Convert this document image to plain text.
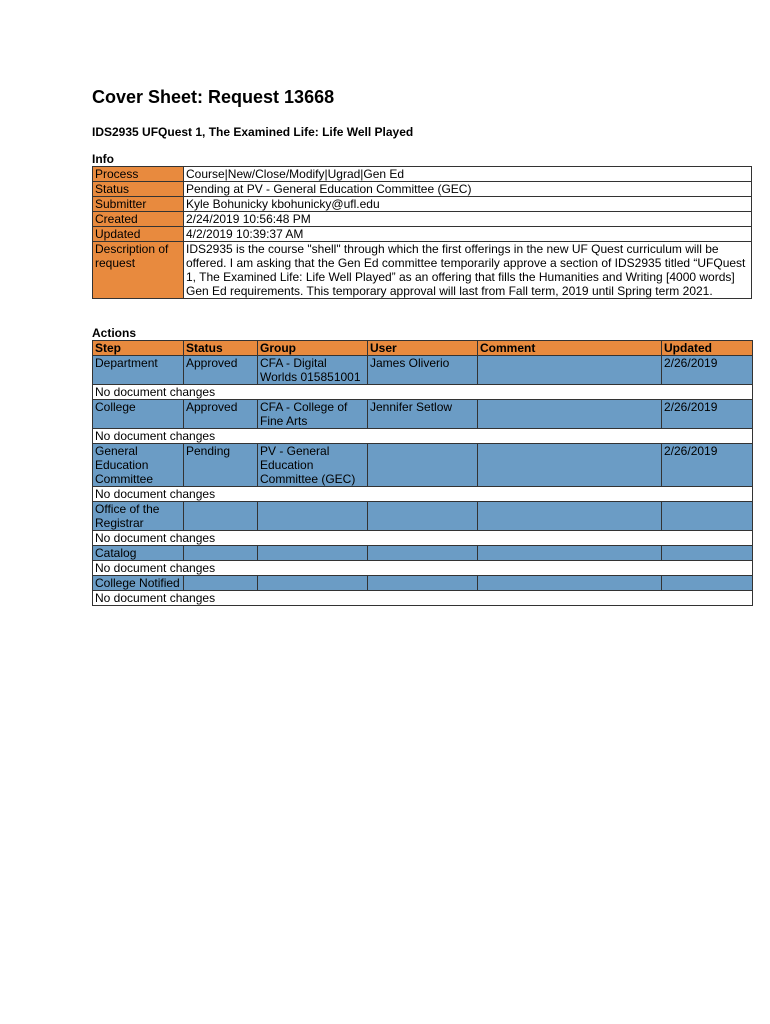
Cover Sheet: Request 13668
IDS2935 UFQuest 1, The Examined Life: Life Well Played
Info
Process	Course|New/Close/Modify|Ugrad|Gen Ed
Status	Pending at PV - General Education Committee (GEC)
Submitter	Kyle Bohunicky kbohunicky@ufl.edu
Created	2/24/2019 10:56:48 PM
Updated	4/2/2019 10:39:37 AM
Description of request	IDS2935 is the course "shell" through which the first offerings in the new UF Quest curriculum will be offered. I am asking that the Gen Ed committee temporarily approve a section of IDS2935 titled “UFQuest 1, The Examined Life: Life Well Played” as an offering that fills the Humanities and Writing [4000 words] Gen Ed requirements. This temporary approval will last from Fall term, 2019 until Spring term 2021.
Actions
Step	Status	Group	User	Comment	Updated
Department	Approved	CFA - Digital Worlds 015851001	James Oliverio		2/26/2019
No document changes					
College	Approved	CFA - College of Fine Arts	Jennifer Setlow		2/26/2019
No document changes					
General Education Committee	Pending	PV - General Education Committee (GEC)			2/26/2019
No document changes					
Office of the Registrar					
No document changes					
Catalog					
No document changes					
College Notified					
No document changes					
